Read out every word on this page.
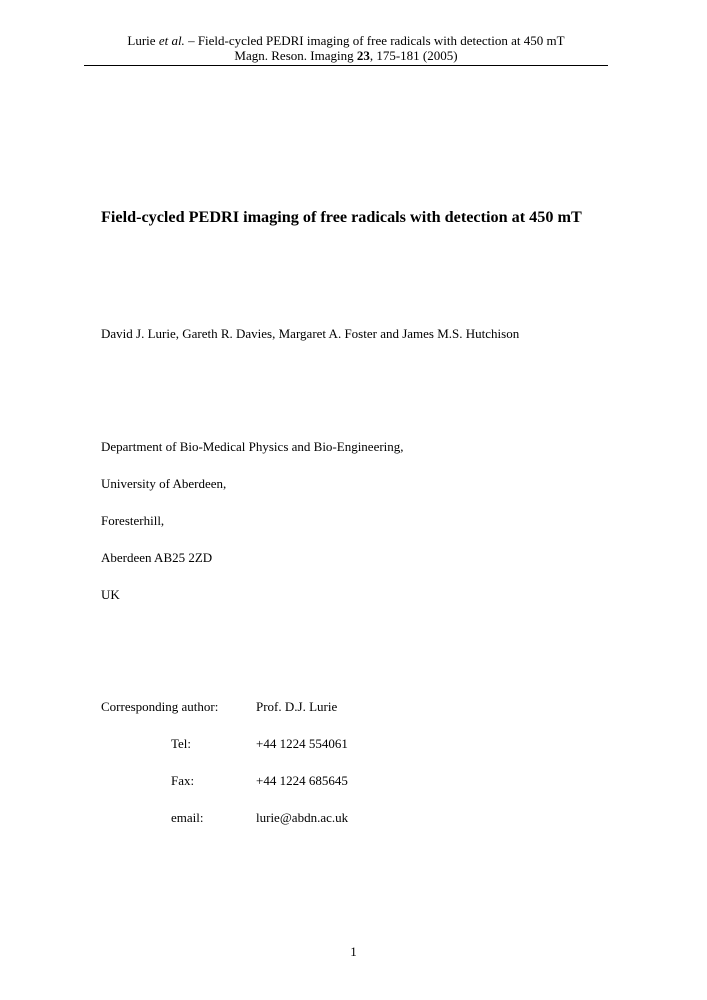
Lurie et al. – Field-cycled PEDRI imaging of free radicals with detection at 450 mT
Magn. Reson. Imaging 23, 175-181 (2005)
Field-cycled PEDRI imaging of free radicals with detection at 450 mT
David J. Lurie, Gareth R. Davies, Margaret A. Foster and James M.S. Hutchison
Department of Bio-Medical Physics and Bio-Engineering,
University of Aberdeen,
Foresterhill,
Aberdeen AB25 2ZD
UK
Corresponding author:	Prof. D.J. Lurie
Tel:	+44 1224 554061
Fax:	+44 1224 685645
email:	lurie@abdn.ac.uk
1
